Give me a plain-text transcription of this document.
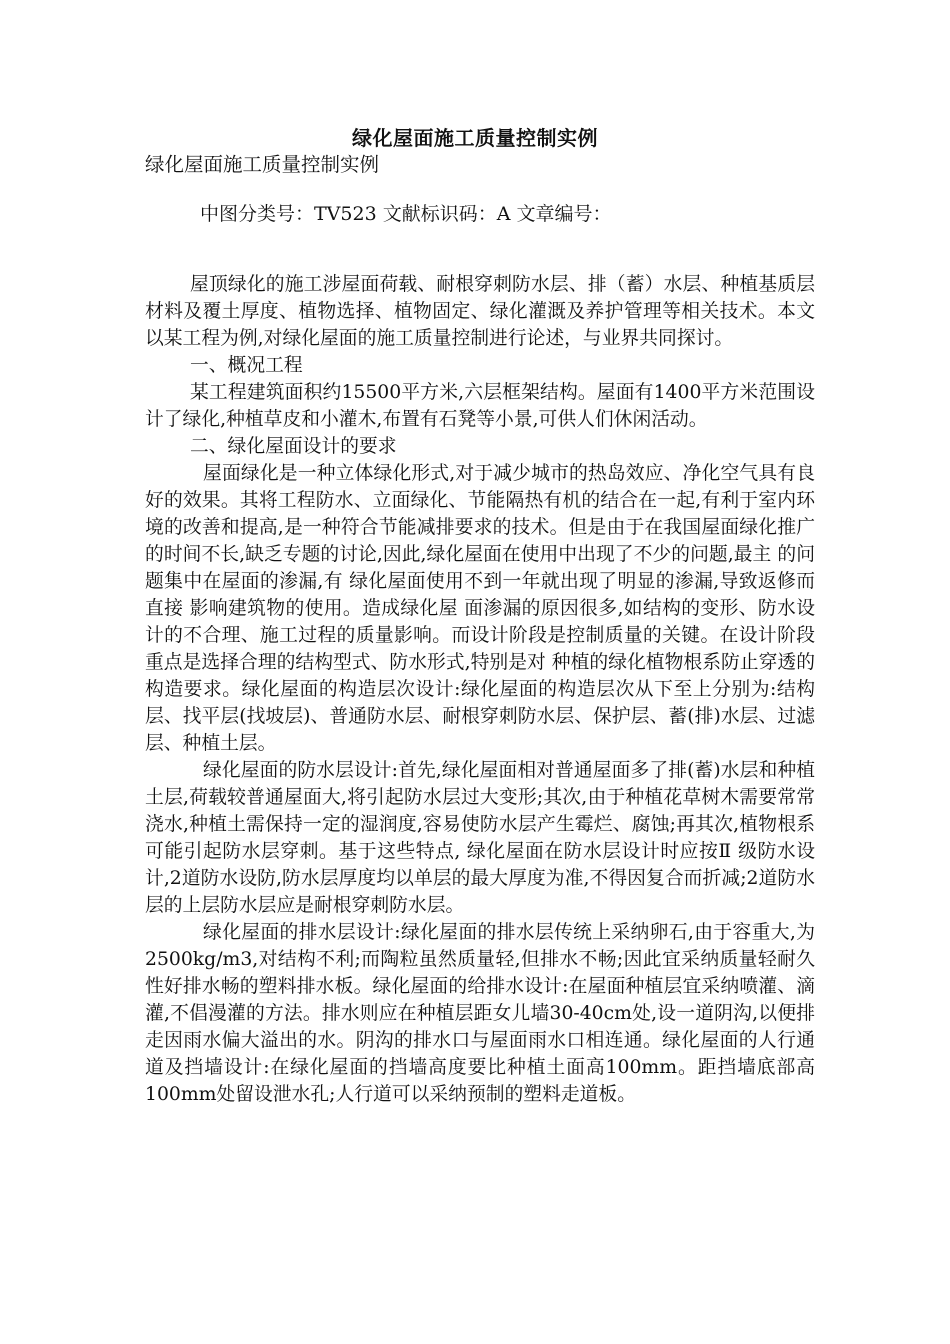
绿化屋面施工质量控制实例
绿化屋面施工质量控制实例
中图分类号：TV523 文献标识码：A 文章编号：

屋顶绿化的施工涉屋面荷载、耐根穿刺防水层、排（蓄）水层、种植基质层材料及覆土厚度、植物选择、植物固定、绿化灌溉及养护管理等相关技术。本文以某工程为例,对绿化屋面的施工质量控制进行论述，与业界共同探讨。

一、概况工程

某工程建筑面积约15500平方米,六层框架结构。屋面有1400平方米范围设计了绿化,种植草皮和小灌木,布置有石凳等小景,可供人们休闲活动。

二、绿化屋面设计的要求

屋面绿化是一种立体绿化形式,对于减少城市的热岛效应、净化空气具有良好的效果。其将工程防水、立面绿化、节能隔热有机的结合在一起,有利于室内环境的改善和提高,是一种符合节能减排要求的技术。但是由于在我国屋面绿化推广的时间不长,缺乏专题的讨论,因此,绿化屋面在使用中出现了不少的问题,最主 的问题集中在屋面的渗漏,有 绿化屋面使用不到一年就出现了明显的渗漏,导致返修而直接 影响建筑物的使用。造成绿化屋 面渗漏的原因很多,如结构的变形、防水设计的不合理、施工过程的质量影响。而设计阶段是控制质量的关键。在设计阶段重点是选择合理的结构型式、防水形式,特别是对 种植的绿化植物根系防止穿透的构造要求。绿化屋面的构造层次设计:绿化屋面的构造层次从下至上分别为:结构层、找平层(找坡层)、普通防水层、耐根穿刺防水层、保护层、蓄(排)水层、过滤层、种植土层。

绿化屋面的防水层设计:首先,绿化屋面相对普通屋面多了排(蓄)水层和种植土层,荷载较普通屋面大,将引起防水层过大变形;其次,由于种植花草树木需要常常浇水,种植土需保持一定的湿润度,容易使防水层产生霉烂、腐蚀;再其次,植物根系可能引起防水层穿刺。基于这些特点, 绿化屋面在防水层设计时应按Ⅱ 级防水设计,2道防水设防,防水层厚度均以单层的最大厚度为准,不得因复合而折减;2道防水层的上层防水层应是耐根穿刺防水层。

绿化屋面的排水层设计:绿化屋面的排水层传统上采纳卵石,由于容重大,为2500kg/m3,对结构不利;而陶粒虽然质量轻,但排水不畅;因此宜采纳质量轻耐久性好排水畅的塑料排水板。绿化屋面的给排水设计:在屋面种植层宜采纳喷灌、滴灌,不倡漫灌的方法。排水则应在种植层距女儿墙30-40cm处,设一道阴沟,以便排走因雨水偏大溢出的水。阴沟的排水口与屋面雨水口相连通。绿化屋面的人行通道及挡墙设计:在绿化屋面的挡墙高度要比种植土面高100mm。距挡墙底部高100mm处留设泄水孔;人行道可以采纳预制的塑料走道板。
